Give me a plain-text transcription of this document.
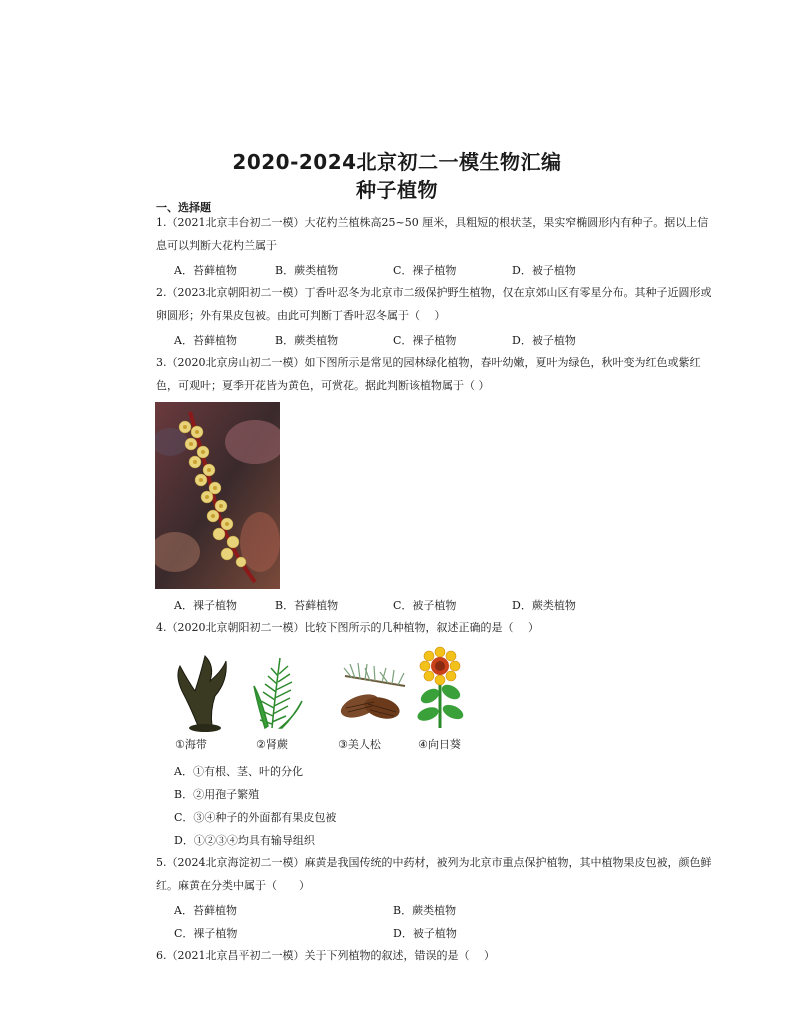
2020-2024北京初二一模生物汇编
种子植物
一、选择题
1.（2021北京丰台初二一模）大花杓兰植株高25~50 厘米，具粗短的根状茎，果实窄椭圆形内有种子。据以上信息可以判断大花杓兰属于
A．苔藓植物	B．蕨类植物	C．裸子植物	D．被子植物
2.（2023北京朝阳初二一模）丁香叶忍冬为北京市二级保护野生植物，仅在京郊山区有零星分布。其种子近圆形或卵圆形；外有果皮包被。由此可判断丁香叶忍冬属于（　 ）
A．苔藓植物	B．蕨类植物	C．裸子植物	D．被子植物
3.（2020北京房山初二一模）如下图所示是常见的园林绿化植物，春叶幼嫩，夏叶为绿色，秋叶变为红色或紫红色，可观叶；夏季开花皆为黄色，可赏花。据此判断该植物属于（ ）
A．裸子植物	B．苔藓植物	C．被子植物	D．蕨类植物
4.（2020北京朝阳初二一模）比较下图所示的几种植物，叙述正确的是（　 ）
①海带	②肾蕨	③美人松	④向日葵
A．①有根、茎、叶的分化
B．②用孢子繁殖
C．③④种子的外面都有果皮包被
D．①②③④均具有输导组织
5.（2024北京海淀初二一模）麻黄是我国传统的中药材，被列为北京市重点保护植物，其中植物果皮包被，颜色鲜红。麻黄在分类中属于（　　）
A．苔藓植物	B．蕨类植物
C．裸子植物	D．被子植物
6.（2021北京昌平初二一模）关于下列植物的叙述，错误的是（　 ）
